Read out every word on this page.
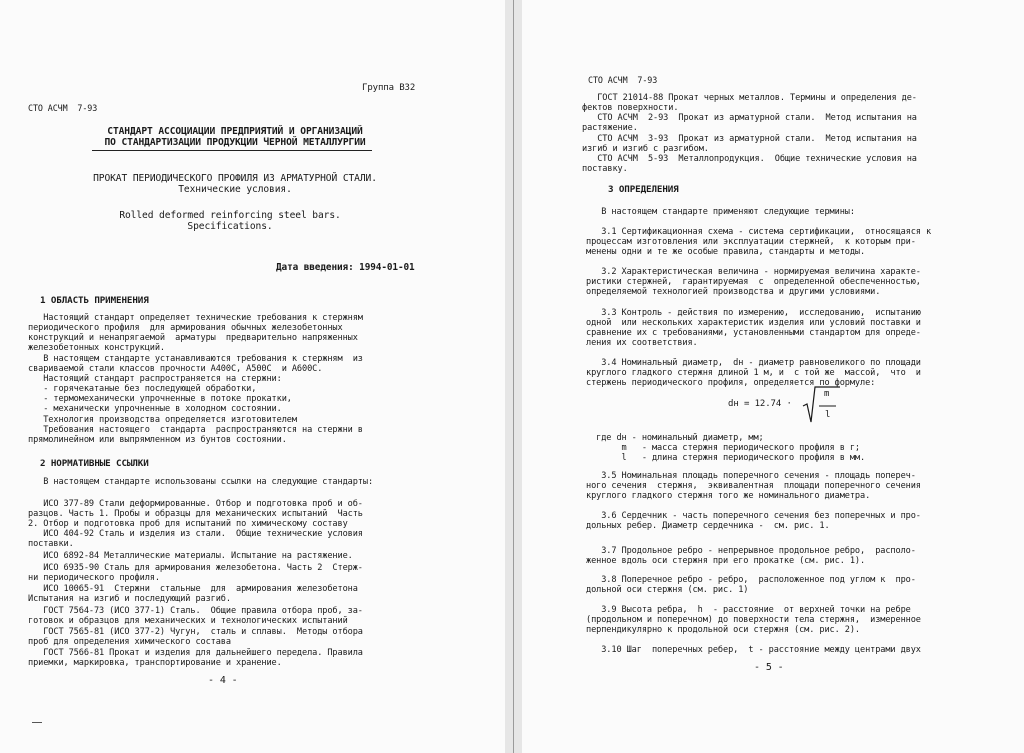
Группа В32
СТО АСЧМ  7-93
СТАНДАРТ АССОЦИАЦИИ ПРЕДПРИЯТИЙ И ОРГАНИЗАЦИЙ
ПО СТАНДАРТИЗАЦИИ ПРОДУКЦИИ ЧЕРНОЙ МЕТАЛЛУРГИИ
ПРОКАТ ПЕРИОДИЧЕСКОГО ПРОФИЛЯ ИЗ АРМАТУРНОЙ СТАЛИ.
Технические условия.
Rolled deformed reinforcing steel bars.
Specifications.
Дата введения: 1994-01-01
1 ОБЛАСТЬ ПРИМЕНЕНИЯ
Настоящий стандарт определяет технические требования к стержням
периодического профиля  для армирования обычных железобетонных
конструкций и ненапрягаемой  арматуры  предварительно напряженных
железобетонных конструкций.
В настоящем стандарте устанавливаются требования к стержням  из
свариваемой стали классов прочности А400С, А500С  и А600С.
Настоящий стандарт распространяется на стержни:
- горячекатаные без последующей обработки,
- термомеханически упрочненные в потоке прокатки,
- механически упрочненные в холодном состоянии.
Технология производства определяется изготовителем
Требования настоящего  стандарта  распространяются на стержни в
прямолинейном или выпрямленном из бунтов состоянии.
2 НОРМАТИВНЫЕ ССЫЛКИ
В настоящем стандарте использованы ссылки на следующие стандарты:
ИСО 377-89 Стали деформированные. Отбор и подготовка проб и об-
разцов. Часть 1. Пробы и образцы для механических испытаний  Часть
2. Отбор и подготовка проб для испытаний по химическому составу
ИСО 404-92 Сталь и изделия из стали.  Общие технические условия
поставки.
ИСО 6892-84 Металлические материалы. Испытание на растяжение.
ИСО 6935-90 Сталь для армирования железобетона. Часть 2  Стерж-
ни периодического профиля.
ИСО 10065-91  Стержни  стальные  для  армирования железобетона
Испытания на изгиб и последующий разгиб.
ГОСТ 7564-73 (ИСО 377-1) Сталь.  Общие правила отбора проб, за-
готовок и образцов для механических и технологических испытаний
ГОСТ 7565-81 (ИСО 377-2) Чугун,  сталь и сплавы.  Методы отбора
проб для определения химического состава
ГОСТ 7566-81 Прокат и изделия для дальнейшего передела. Правила
приемки, маркировка, транспортирование и хранение.
- 4 -
СТО АСЧМ  7-93
ГОСТ 21014-88 Прокат черных металлов. Термины и определения де-
фектов поверхности.
СТО АСЧМ  2-93  Прокат из арматурной стали.  Метод испытания на
растяжение.
СТО АСЧМ  3-93  Прокат из арматурной стали.  Метод испытания на
изгиб и изгиб с разгибом.
СТО АСЧМ  5-93  Металлопродукция.  Общие технические условия на
поставку.
3 ОПРЕДЕЛЕНИЯ
В настоящем стандарте применяют следующие термины:
3.1 Сертификационная схема - система сертификации,  относящаяся к
процессам изготовления или эксплуатации стержней,  к которым при-
менены одни и те же особые правила, стандарты и методы.
3.2 Характеристическая величина - нормируемая величина характе-
ристики стержней,  гарантируемая  с  определенной обеспеченностью,
определяемой технологией производства и другими условиями.
3.3 Контроль - действия по измерению,  исследованию,  испытанию
одной  или нескольких характеристик изделия или условий поставки и
сравнение их с требованиями, установленными стандартом для опреде-
ления их соответствия.
3.4 Номинальный диаметр,  dн - диаметр равновеликого по площади
круглого гладкого стержня длиной 1 м, и  с той же  массой,  что  и
стержень периодического профиля, определяется по формуле:
dн = 12.74 ·
m
l
где dн - номинальный диаметр, мм;
m   - масса стержня периодического профиля в г;
l   - длина стержня периодического профиля в мм.
3.5 Номинальная площадь поперечного сечения - площадь попереч-
ного сечения  стержня,  эквивалентная  площади поперечного сечения
круглого гладкого стержня того же номинального диаметра.
3.6 Сердечник - часть поперечного сечения без поперечных и про-
дольных ребер. Диаметр сердечника -  см. рис. 1.
3.7 Продольное ребро - непрерывное продольное ребро,  располо-
женное вдоль оси стержня при его прокатке (см. рис. 1).
3.8 Поперечное ребро - ребро,  расположенное под углом к  про-
дольной оси стержня (см. рис. 1)
3.9 Высота ребра,  h  - расстояние  от верхней точки на ребре
(продольном и поперечном) до поверхности тела стержня,  измеренное
перпендикулярно к продольной оси стержня (см. рис. 2).
3.10 Шаг  поперечных ребер,  t - расстояние между центрами двух
- 5 -
